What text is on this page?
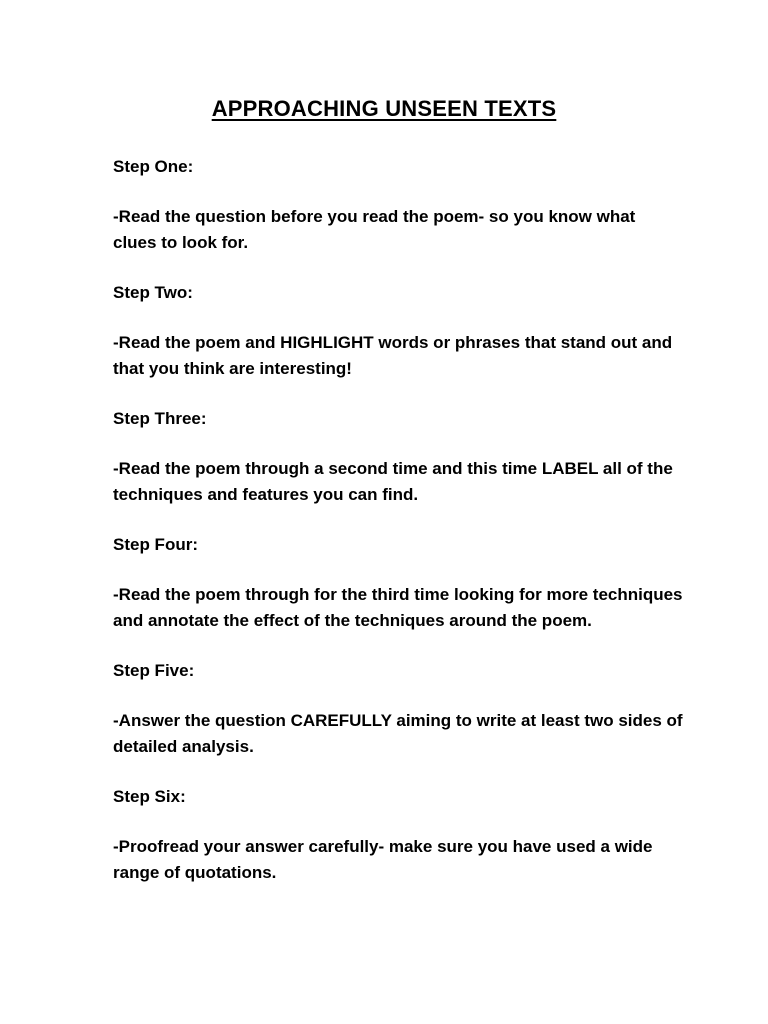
APPROACHING UNSEEN TEXTS

Step One:

-Read the question before you read the poem- so you know what clues to look for.

Step Two:

-Read the poem and HIGHLIGHT words or phrases that stand out and that you think are interesting!

Step Three:

-Read the poem through a second time and this time LABEL all of the techniques and features you can find.

Step Four:

-Read the poem through for the third time looking for more techniques and annotate the effect of the techniques around the poem.

Step Five:

-Answer the question CAREFULLY aiming to write at least two sides of detailed analysis.

Step Six:

-Proofread your answer carefully- make sure you have used a wide range of quotations.
